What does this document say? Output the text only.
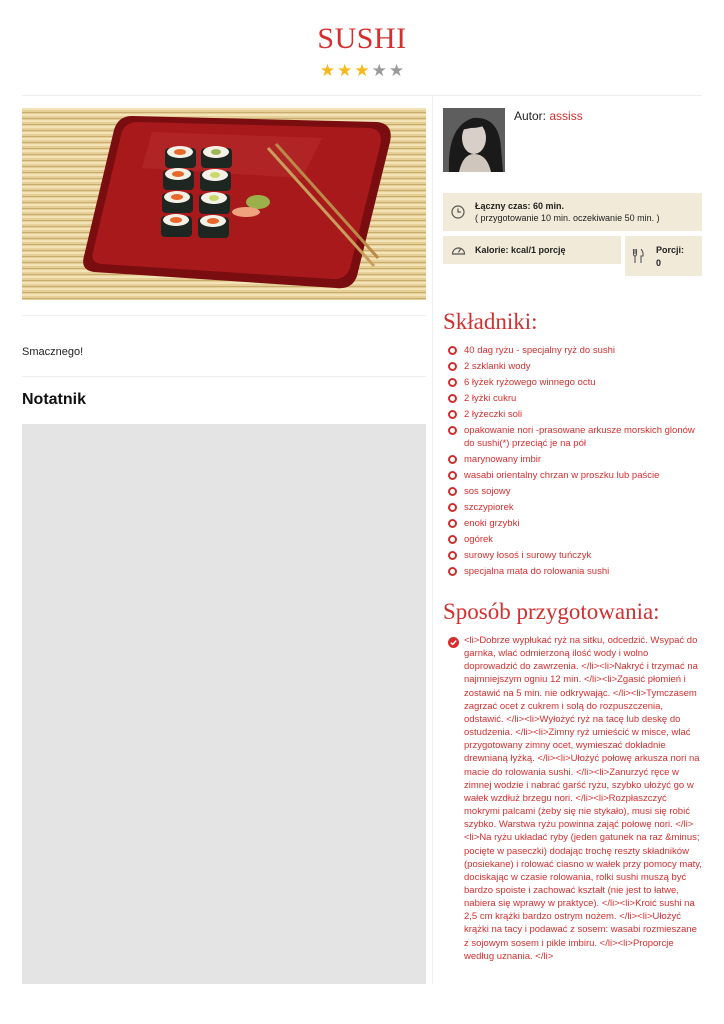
SUSHI
★ ★ ★ ★ ★
Smacznego!
Notatnik
Autor: assiss
Łączny czas: 60 min.
( przygotowanie 10 min. oczekiwanie 50 min. )
Kalorie: kcal/1 porcję	Porcji:
0
Składniki:
40 dag ryżu - specjalny ryż do sushi
2 szklanki wody
6 łyżek ryżowego winnego octu
2 łyżki cukru
2 łyżeczki soli
opakowanie nori -prasowane arkusze morskich glonów do sushi(*) przeciąć je na pół
marynowany imbir
wasabi orientalny chrzan w proszku lub paście
sos sojowy
szczypiorek
enoki grzybki
ogórek
surowy łosoś i surowy tuńczyk
specjalna mata do rolowania sushi
Sposób przygotowania:
<li>Dobrze wypłukać ryż na sitku, odcedzić. Wsypać do garnka, wlać odmierzoną ilość wody i wolno doprowadzić do zawrzenia. </li><li>Nakryć i trzymać na najmniejszym ogniu 12 min. </li><li>Zgasić płomień i zostawić na 5 min. nie odkrywając. </li><li>Tymczasem zagrzać ocet z cukrem i solą do rozpuszczenia, odstawić. </li><li>Wyłożyć ryż na tacę lub deskę do ostudzenia. </li><li>Zimny ryż umieścić w misce, wlać przygotowany zimny ocet, wymieszać dokładnie drewnianą łyżką. </li><li>Ułożyć połowę arkusza nori na macie do rolowania sushi. </li><li>Zanurzyć ręce w zimnej wodzie i nabrać garść ryżu, szybko ułożyć go w wałek wzdłuż brzegu nori. </li><li>Rozpłaszczyć mokrymi palcami (żeby się nie stykało), musi się robić szybko. Warstwa ryżu powinna zająć połowę nori. </li><li>Na ryżu układać ryby (jeden gatunek na raz &minus; pocięte w paseczki) dodając trochę reszty składników (posiekane) i rolować ciasno w wałek przy pomocy maty, dociskając w czasie rolowania, rolki sushi muszą być bardzo spoiste i zachować kształt (nie jest to łatwe, nabiera się wprawy w praktyce). </li><li>Kroić sushi na 2,5 cm krążki bardzo ostrym nożem. </li><li>Ułożyć krążki na tacy i podawać z sosem: wasabi rozmieszane z sojowym sosem i pikle imbiru. </li><li>Proporcje według uznania. </li>
